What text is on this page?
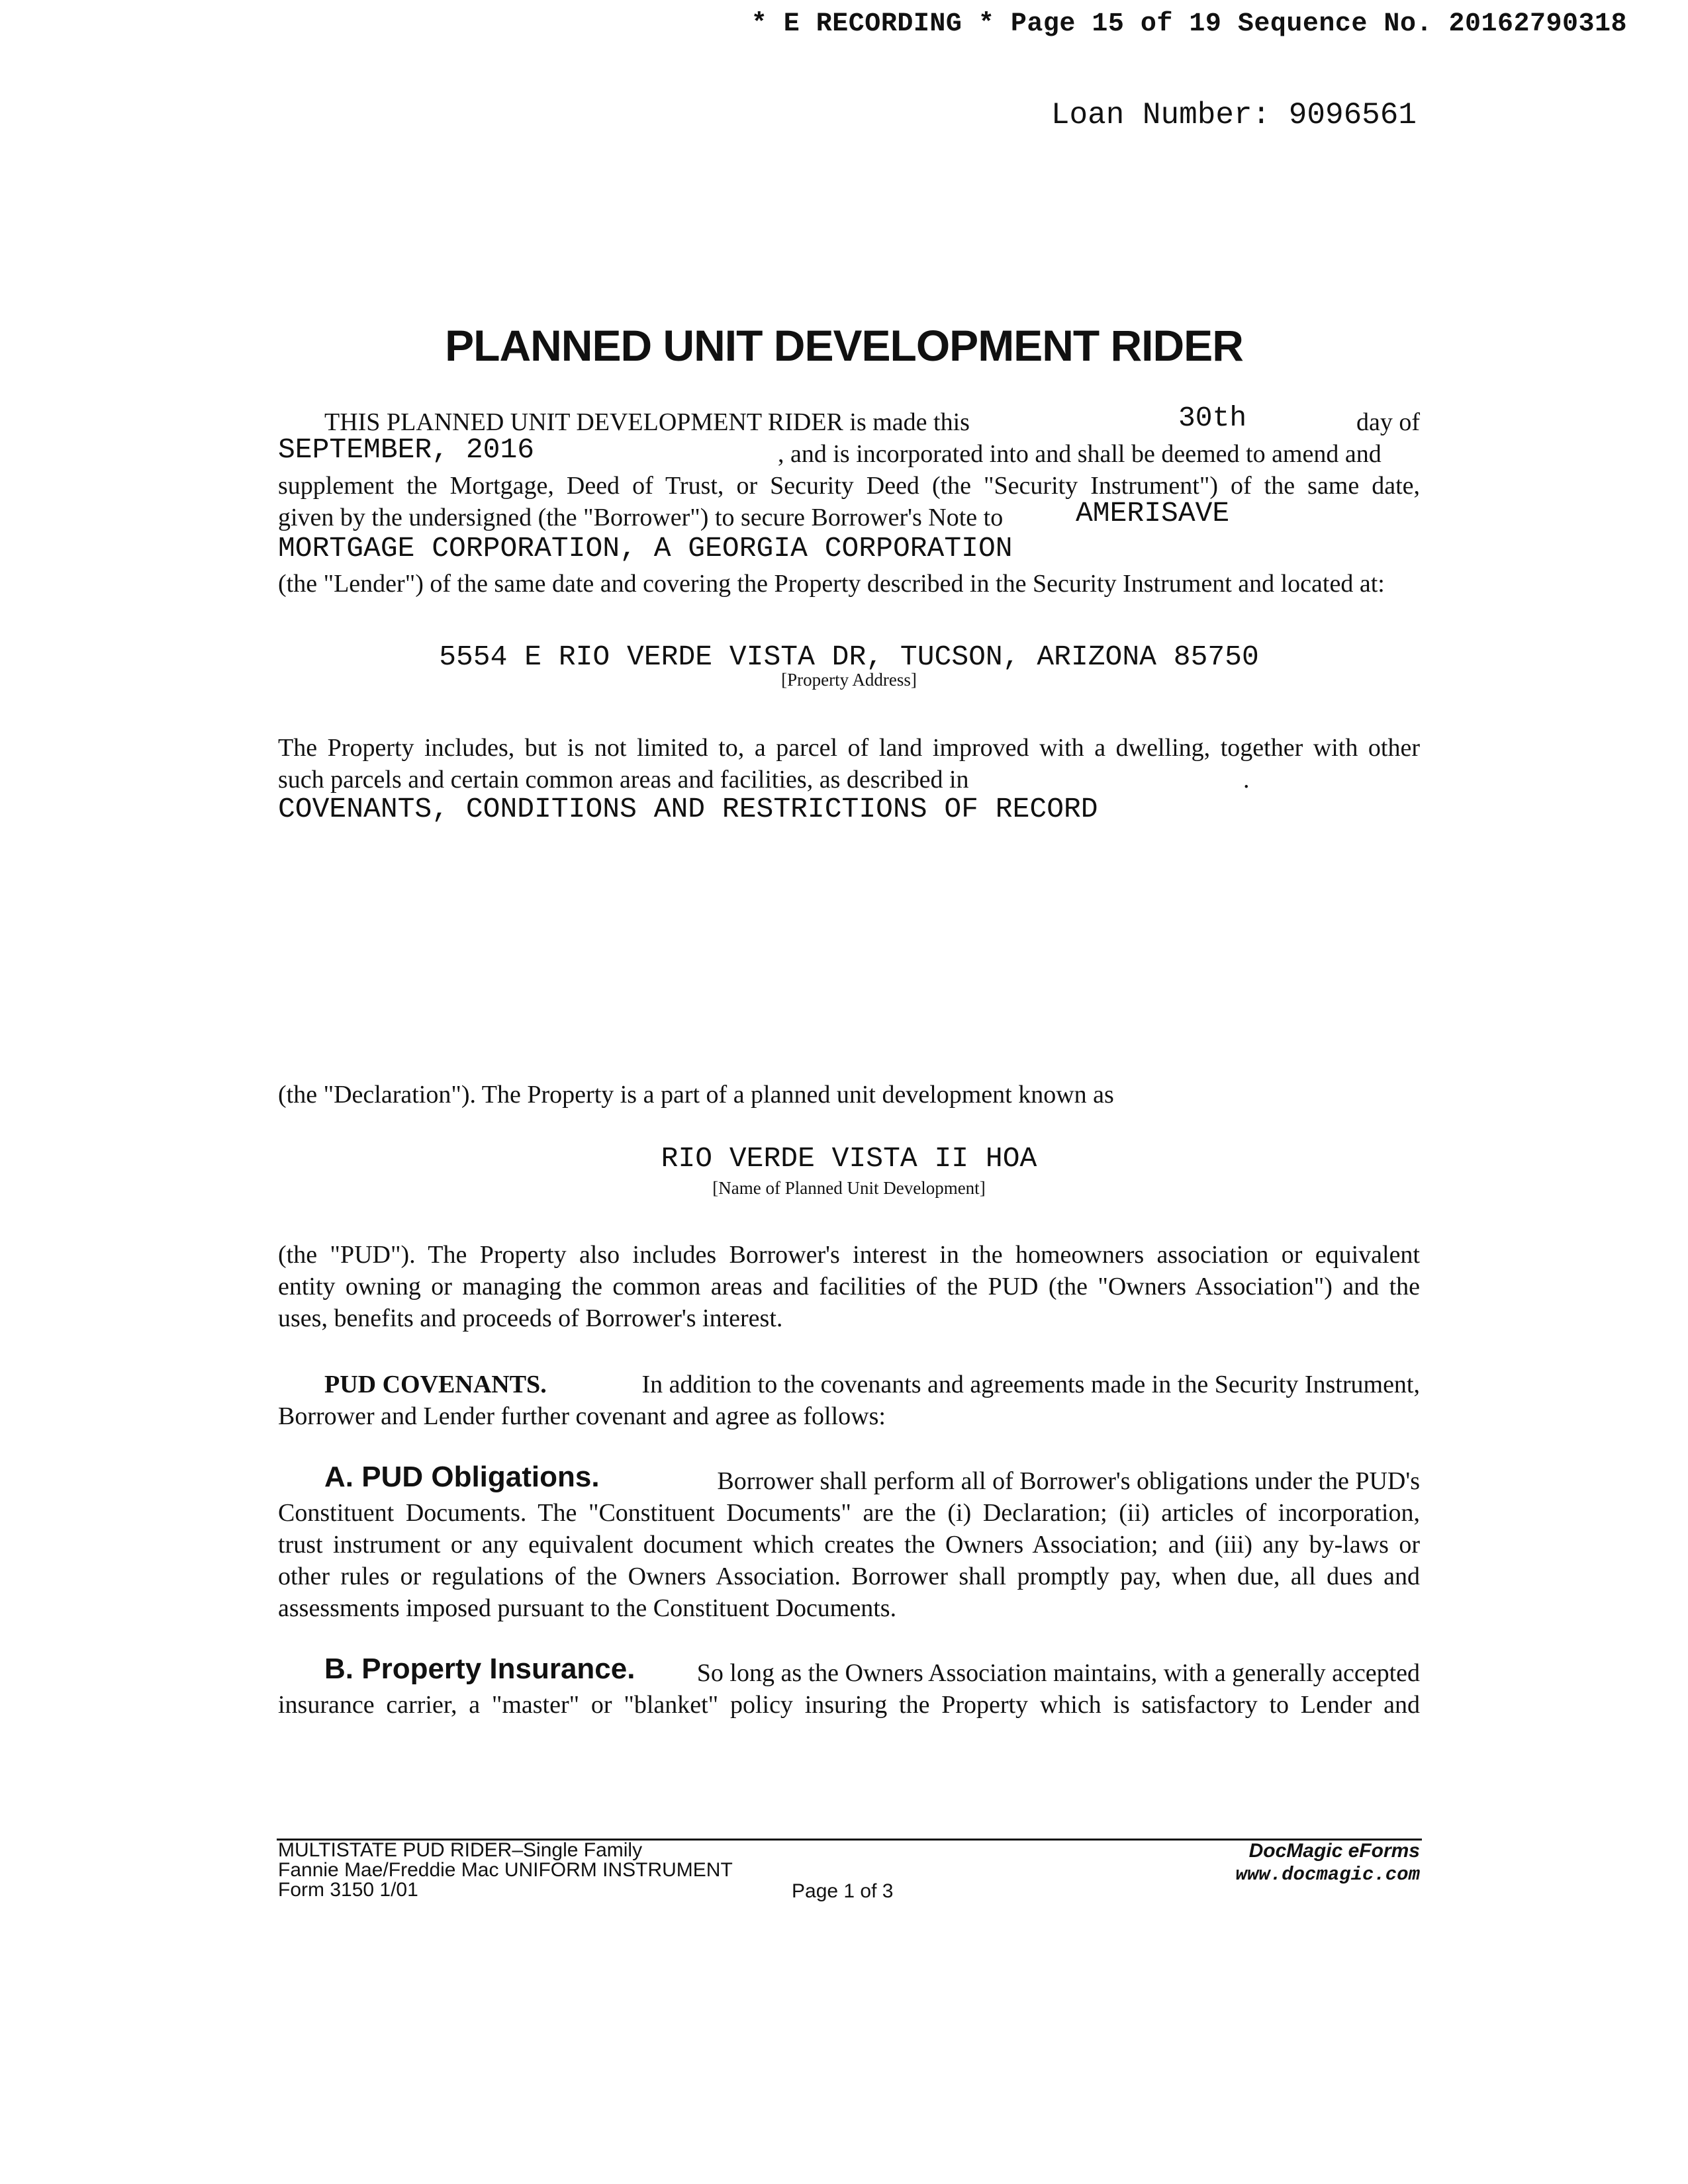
* E RECORDING * Page 15 of 19 Sequence No. 20162790318
Loan Number: 9096561
PLANNED UNIT DEVELOPMENT RIDER
THIS PLANNED UNIT DEVELOPMENT RIDER is made this	30th	day of
SEPTEMBER, 2016	, and is incorporated into and shall be deemed to amend and
supplement the Mortgage, Deed of Trust, or Security Deed (the "Security Instrument") of the same date,
given by the undersigned (the "Borrower") to secure Borrower's Note to	AMERISAVE
MORTGAGE CORPORATION, A GEORGIA CORPORATION
(the "Lender") of the same date and covering the Property described in the Security Instrument and located at:
5554 E RIO VERDE VISTA DR, TUCSON, ARIZONA 85750
[Property Address]
The Property includes, but is not limited to, a parcel of land improved with a dwelling, together with other
such parcels and certain common areas and facilities, as described in	.
COVENANTS, CONDITIONS AND RESTRICTIONS OF RECORD
(the "Declaration"). The Property is a part of a planned unit development known as
RIO VERDE VISTA II HOA
[Name of Planned Unit Development]
(the "PUD"). The Property also includes Borrower's interest in the homeowners association or equivalent
entity owning or managing the common areas and facilities of the PUD (the "Owners Association") and the
uses, benefits and proceeds of Borrower's interest.
PUD COVENANTS.	In addition to the covenants and agreements made in the Security Instrument,
Borrower and Lender further covenant and agree as follows:
A. PUD Obligations.	Borrower shall perform all of Borrower's obligations under the PUD's
Constituent Documents. The "Constituent Documents" are the (i) Declaration; (ii) articles of incorporation,
trust instrument or any equivalent document which creates the Owners Association; and (iii) any by-laws or
other rules or regulations of the Owners Association. Borrower shall promptly pay, when due, all dues and
assessments imposed pursuant to the Constituent Documents.
B. Property Insurance. So long as the Owners Association maintains, with a generally accepted
insurance carrier, a "master" or "blanket" policy insuring the Property which is satisfactory to Lender and
MULTISTATE PUD RIDER–Single Family
Fannie Mae/Freddie Mac UNIFORM INSTRUMENT
Form 3150 1/01	Page 1 of 3
DocMagic eForms
www.docmagic.com
